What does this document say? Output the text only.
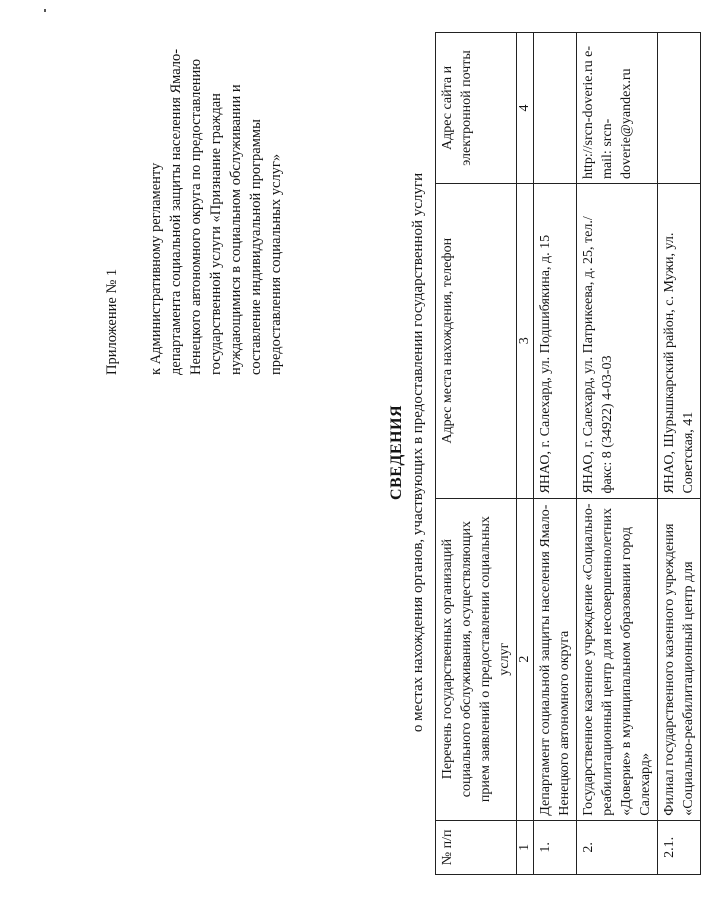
Приложение № 1 к Административному регламенту департамента социальной защиты населения Ямало- Ненецкого автономного округа по предоставлению государственной услуги «Признание граждан нуждающимися в социальном обслуживании и составление индивидуальной программы предоставления социальных услуг»
СВЕДЕНИЯ о местах нахождения органов, участвующих в предоставлении государственной услуги
№ п/п	Перечень государственных организаций социального обслуживания, осуществляющих прием заявлений о предоставлении социальных услуг	Адрес места нахождения, телефон	Адрес сайта и электронной почты
1	2	3	4
1.	Департамент социальной защиты населения Ямало-Ненецкого автономного округа	ЯНАО, г. Салехард, ул. Подшибякина, д. 15	
2.	Государственное казенное учреждение «Социально-реабилитационный центр для несовершеннолетних «Доверие» в муниципальном образовании город Салехард»	ЯНАО, г. Салехард, ул. Патрикеева, д. 25, тел./факс: 8 (34922) 4-03-03	http://srcn-doverie.ru e-mail: srcn-doverie@yandex.ru
2.1.	Филиал государственного казенного учреждения «Социально-реабилитационный центр для	ЯНАО, Шурышкарский район, с. Мужи, ул. Советская, 41	
